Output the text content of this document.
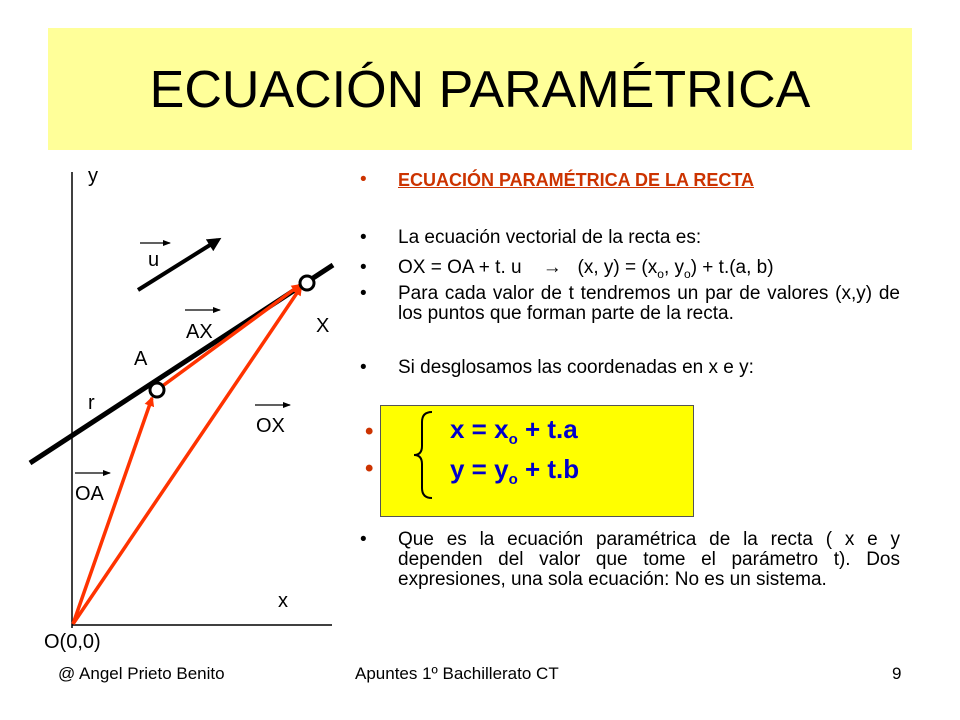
ECUACIÓN PARAMÉTRICA
y
u
AX	X
A
r
OX
OA
x
O(0,0)
•	ECUACIÓN PARAMÉTRICA DE LA RECTA
•	La ecuación vectorial de la recta es:
•	OX = OA + t. u → (x, $y) = (x_o$, $y_o) + t.(a$, b)
•	Para cada valor de t tendremos un par de valores (x,y) de los puntos que forman parte de la recta.
•	Si desglosamos las coordenadas en x e y:
•	Que es la ecuación paramétrica de la recta ( x e y dependen del valor que tome el parámetro t). Dos expresiones, una sola ecuación: No es un sistema.
•
•
$x = x_o + t.a$
$y = y_o + t.b$
@ Angel Prieto Benito	Apuntes 1º Bachillerato CT	9
